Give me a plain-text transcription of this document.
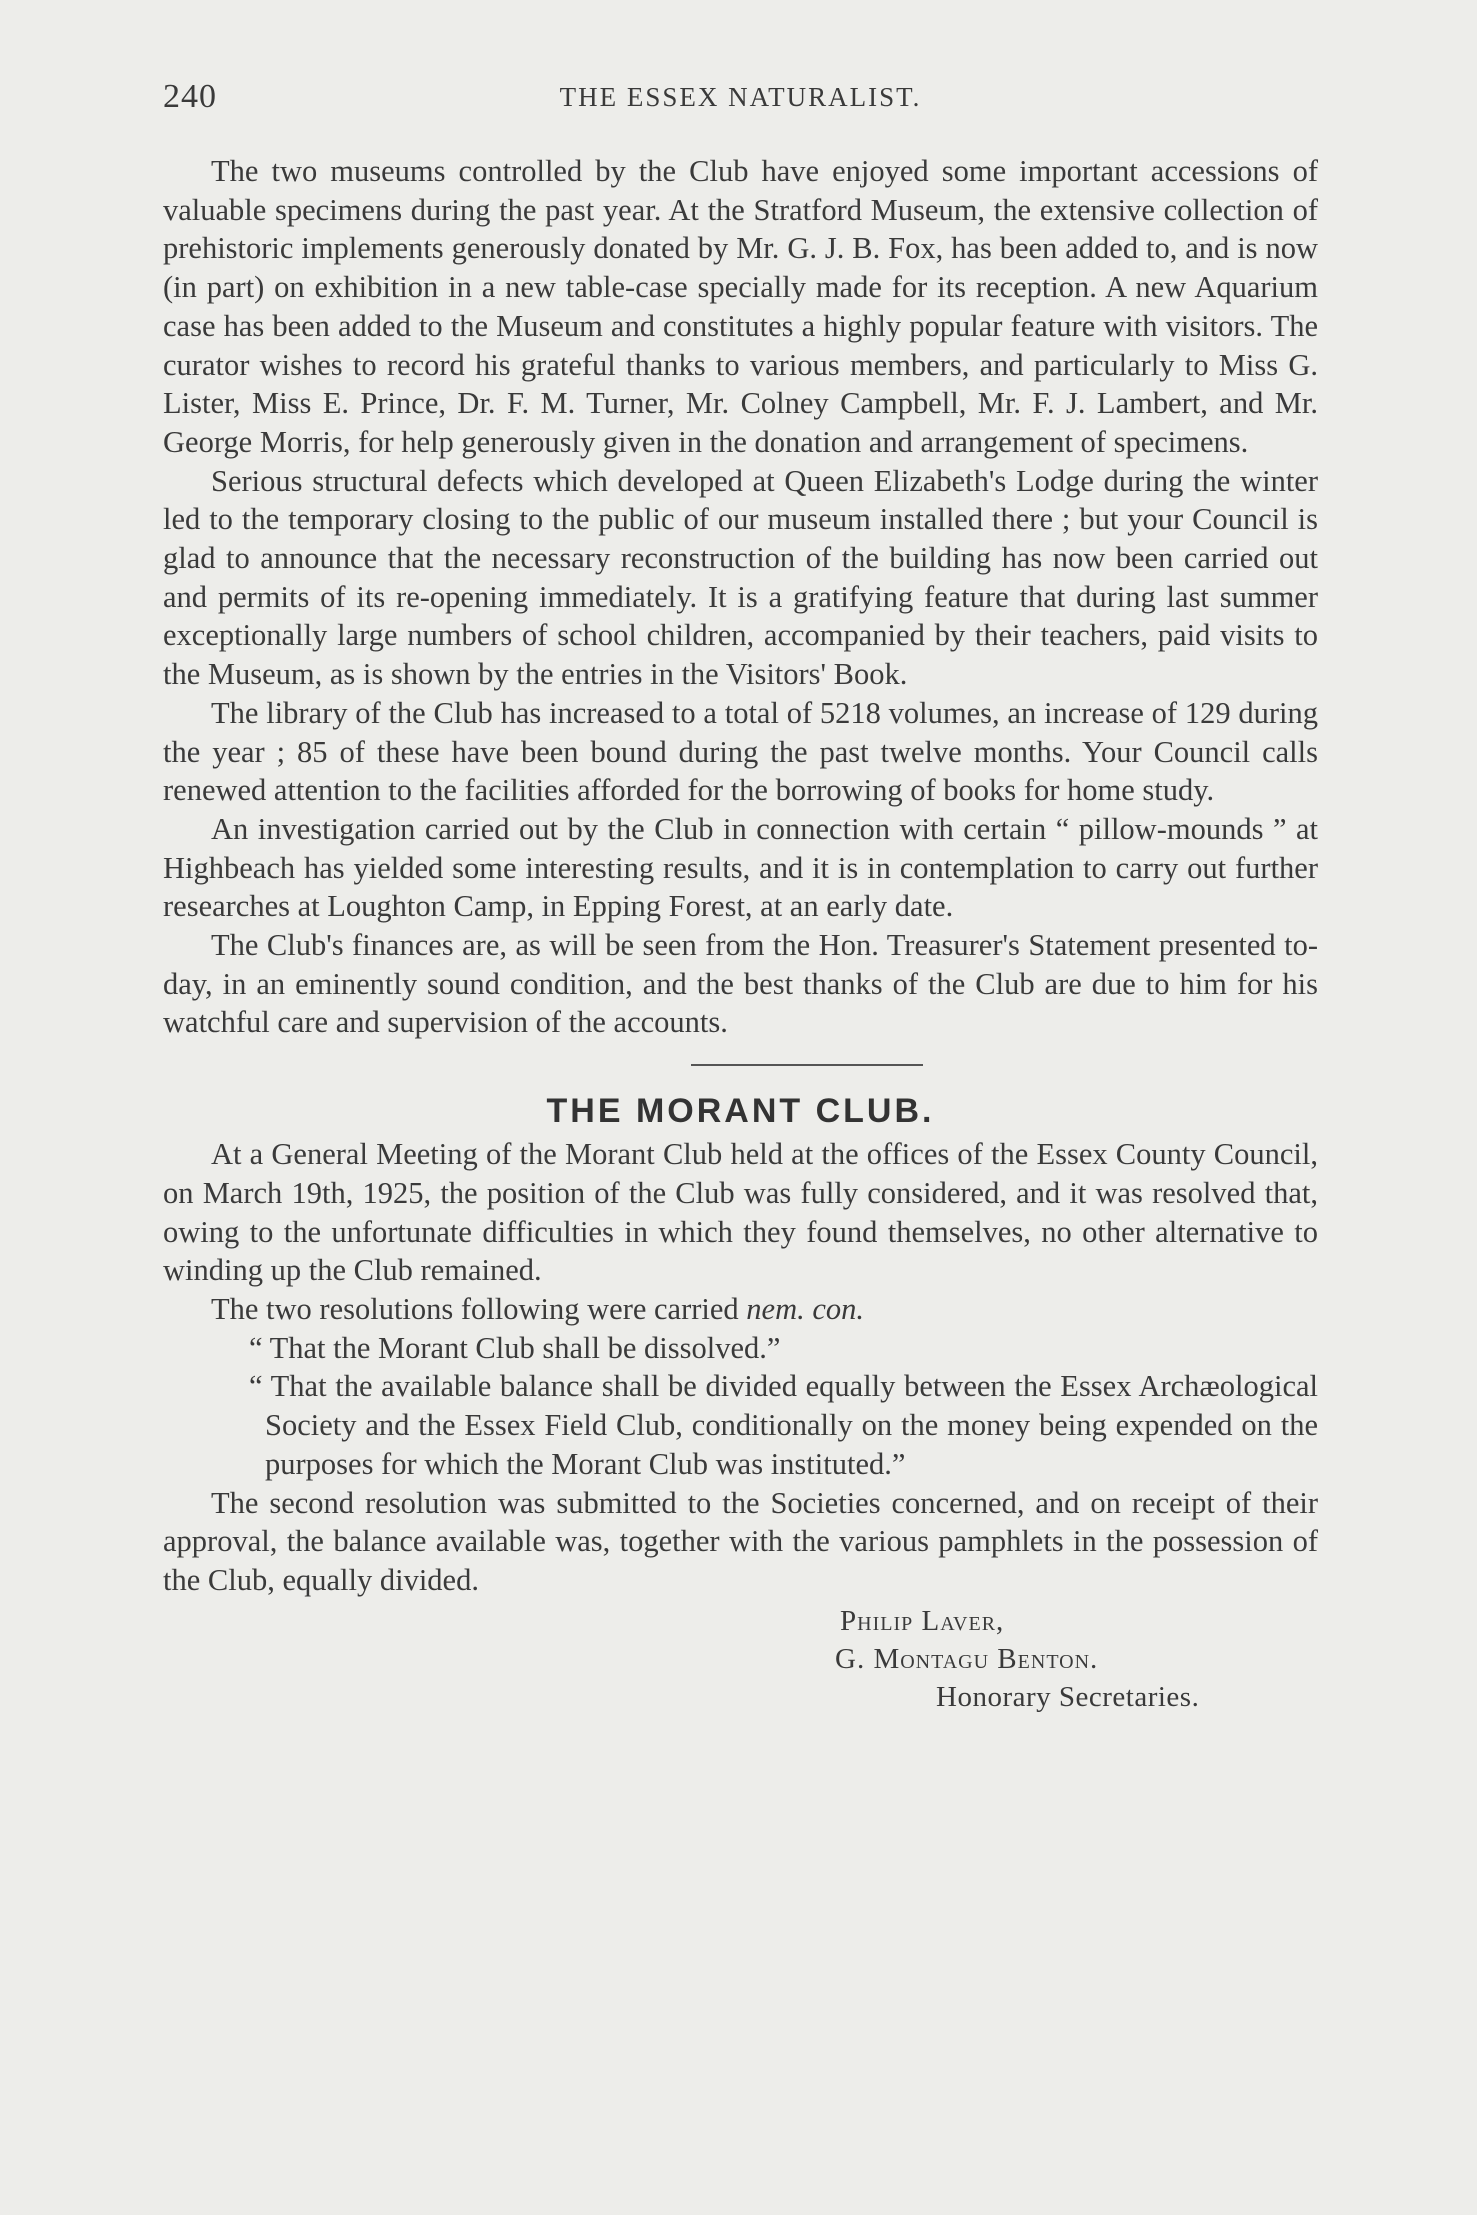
240	THE ESSEX NATURALIST.

The two museums controlled by the Club have enjoyed some important accessions of valuable specimens during the past year. At the Stratford Museum, the extensive collection of prehistoric implements generously donated by Mr. G. J. B. Fox, has been added to, and is now (in part) on exhibition in a new table-case specially made for its reception. A new Aquarium case has been added to the Museum and constitutes a highly popular feature with visitors. The curator wishes to record his grateful thanks to various members, and particularly to Miss G. Lister, Miss E. Prince, Dr. F. M. Turner, Mr. Colney Campbell, Mr. F. J. Lambert, and Mr. George Morris, for help generously given in the donation and arrangement of specimens.

Serious structural defects which developed at Queen Elizabeth's Lodge during the winter led to the temporary closing to the public of our museum installed there ; but your Council is glad to announce that the necessary reconstruction of the building has now been carried out and permits of its re-opening immediately. It is a gratifying feature that during last summer exceptionally large numbers of school children, accompanied by their teachers, paid visits to the Museum, as is shown by the entries in the Visitors' Book.

The library of the Club has increased to a total of 5218 volumes, an increase of 129 during the year ; 85 of these have been bound during the past twelve months. Your Council calls renewed attention to the facilities afforded for the borrowing of books for home study.

An investigation carried out by the Club in connection with certain “ pillow-mounds ” at Highbeach has yielded some interesting results, and it is in contemplation to carry out further researches at Loughton Camp, in Epping Forest, at an early date.

The Club's finances are, as will be seen from the Hon. Treasurer's Statement presented to-day, in an eminently sound condition, and the best thanks of the Club are due to him for his watchful care and supervision of the accounts.

THE MORANT CLUB.

At a General Meeting of the Morant Club held at the offices of the Essex County Council, on March 19th, 1925, the position of the Club was fully considered, and it was resolved that, owing to the unfortunate difficulties in which they found themselves, no other alternative to winding up the Club remained.

The two resolutions following were carried nem. con.

“ That the Morant Club shall be dissolved.”
“ That the available balance shall be divided equally between the Essex Archæological Society and the Essex Field Club, conditionally on the money being expended on the purposes for which the Morant Club was instituted.”

The second resolution was submitted to the Societies concerned, and on receipt of their approval, the balance available was, together with the various pamphlets in the possession of the Club, equally divided.

Philip Laver,
G. Montagu Benton.
Honorary Secretaries.
